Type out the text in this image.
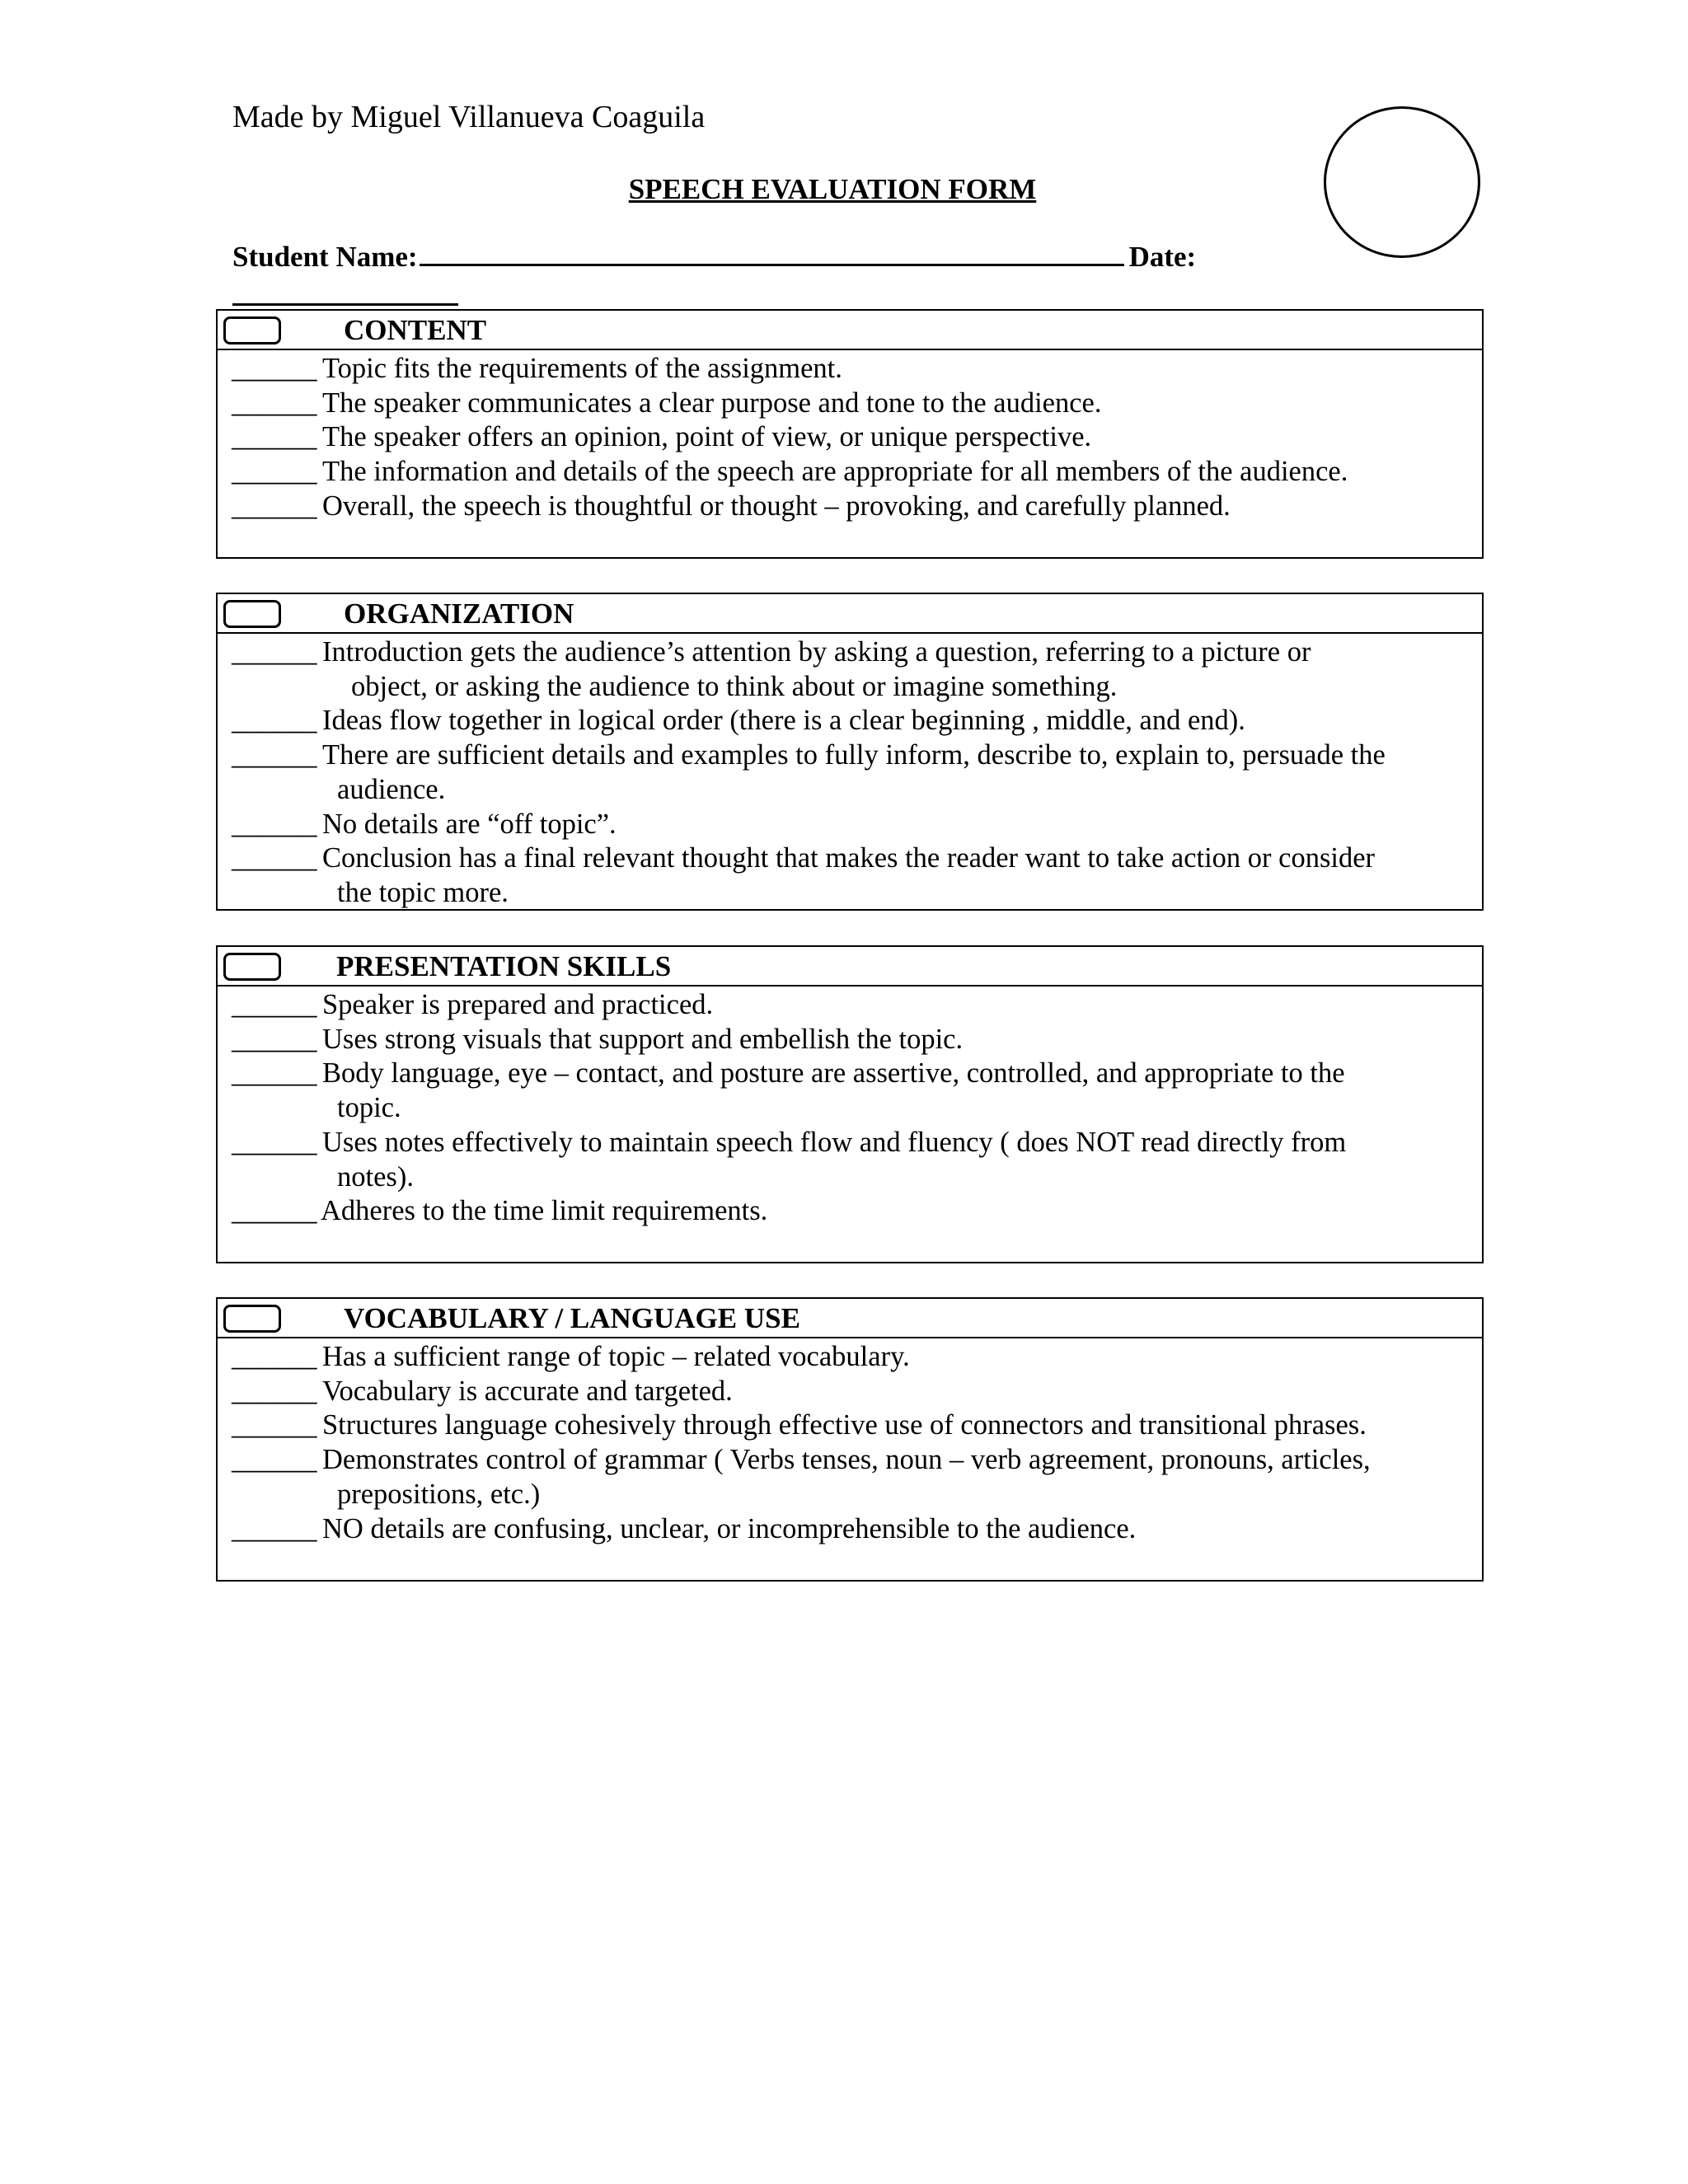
Made by Miguel Villanueva Coaguila
SPEECH EVALUATION FORM
Student Name:	Date:
CONTENT
______ Topic fits the requirements of the assignment.
______ The speaker communicates a clear purpose and tone to the audience.
______ The speaker offers an opinion, point of view, or unique perspective.
______ The information and details of the speech are appropriate for all members of the audience.
______ Overall, the speech is thoughtful or thought – provoking, and carefully planned.
ORGANIZATION
______ Introduction gets the audience’s attention by asking a question, referring to a picture or
object, or asking the audience to think about or imagine something.
______ Ideas flow together in logical order (there is a clear beginning , middle, and end).
______ There are sufficient details and examples to fully inform, describe to, explain to, persuade the
audience.
______ No details are “off topic”.
______ Conclusion has a final relevant thought that makes the reader want to take action or consider
the topic more.
PRESENTATION SKILLS
______ Speaker is prepared and practiced.
______ Uses strong visuals that support and embellish the topic.
______ Body language, eye – contact, and posture are assertive, controlled, and appropriate to the
topic.
______ Uses notes effectively to maintain speech flow and fluency ( does NOT read directly from
notes).
______ Adheres to the time limit requirements.
VOCABULARY / LANGUAGE USE
______ Has a sufficient range of topic – related vocabulary.
______ Vocabulary is accurate and targeted.
______ Structures language cohesively through effective use of connectors and transitional phrases.
______ Demonstrates control of grammar ( Verbs tenses, noun – verb agreement, pronouns, articles,
prepositions, etc.)
______ NO details are confusing, unclear, or incomprehensible to the audience.
